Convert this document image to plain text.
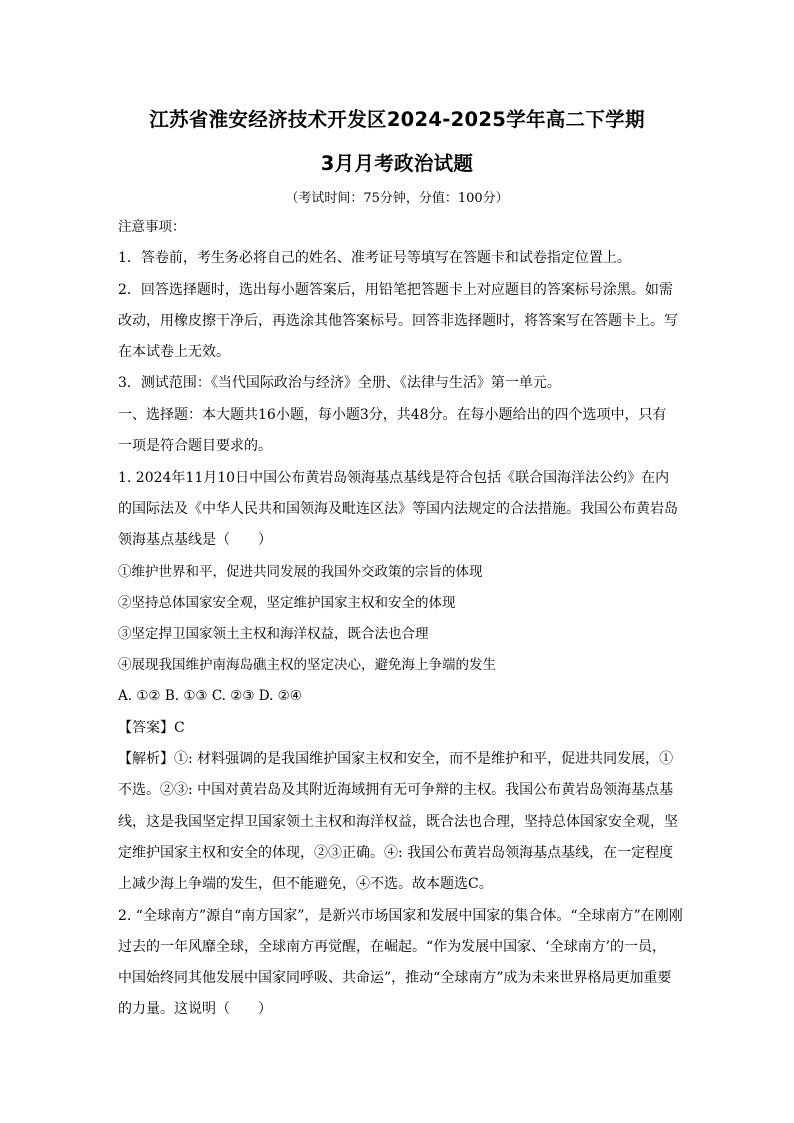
江苏省淮安经济技术开发区2024-2025学年高二下学期
3月月考政治试题
（考试时间：75分钟，分值：100分）
注意事项：
1．答卷前，考生务必将自己的姓名、准考证号等填写在答题卡和试卷指定位置上。
2．回答选择题时，选出每小题答案后，用铅笔把答题卡上对应题目的答案标号涂黑。如需
改动，用橡皮擦干净后，再选涂其他答案标号。回答非选择题时，将答案写在答题卡上。写
在本试卷上无效。
3．测试范围：《当代国际政治与经济》全册、《法律与生活》第一单元。
一、选择题：本大题共16小题，每小题3分，共48分。在每小题给出的四个选项中，只有
一项是符合题目要求的。
1. 2024年11月10日中国公布黄岩岛领海基点基线是符合包括《联合国海洋法公约》在内
的国际法及《中华人民共和国领海及毗连区法》等国内法规定的合法措施。我国公布黄岩岛
领海基点基线是（　　）
①维护世界和平，促进共同发展的我国外交政策的宗旨的体现
②坚持总体国家安全观，坚定维护国家主权和安全的体现
③坚定捍卫国家领土主权和海洋权益，既合法也合理
④展现我国维护南海岛礁主权的坚定决心，避免海上争端的发生
A. ①② B. ①③ C. ②③ D. ②④
【答案】C
【解析】①: 材料强调的是我国维护国家主权和安全，而不是维护和平，促进共同发展，①
不选。②③: 中国对黄岩岛及其附近海域拥有无可争辩的主权。我国公布黄岩岛领海基点基
线，这是我国坚定捍卫国家领土主权和海洋权益，既合法也合理，坚持总体国家安全观，坚
定维护国家主权和安全的体现，②③正确。④: 我国公布黄岩岛领海基点基线，在一定程度
上减少海上争端的发生，但不能避免，④不选。故本题选C。
2. “全球南方”源自“南方国家”，是新兴市场国家和发展中国家的集合体。“全球南方”在刚刚
过去的一年风靡全球，全球南方再觉醒，在崛起。“作为发展中国家、‘全球南方’的一员，
中国始终同其他发展中国家同呼吸、共命运”，推动“全球南方”成为未来世界格局更加重要
的力量。这说明（　　）
